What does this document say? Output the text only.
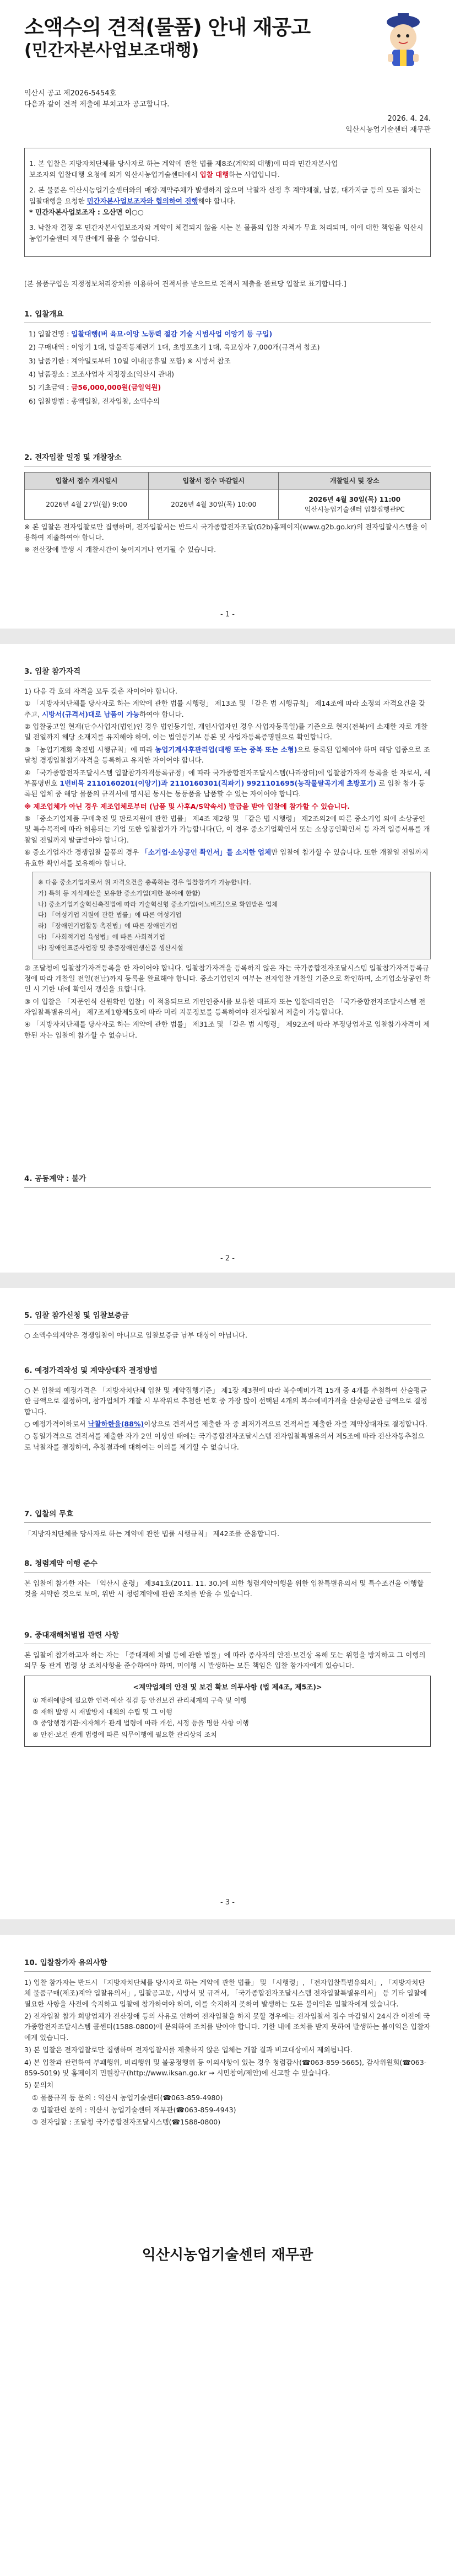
소액수의 견적(물품) 안내 재공고
(민간자본사업보조대행)
익산시 공고 제2026-5454호
다음과 같이 견적 제출에 부치고자 공고합니다.
2026. 4. 24.
익산시농업기술센터 재무관

1. 본 입찰은 지방자치단체를 당사자로 하는 계약에 관한 법률 제8조(계약의 대행)에 따라 민간자본사업
보조자의 입찰대행 요청에 의거 익산시농업기술센터에서 입찰 대행하는 사업입니다.

2. 본 물품은 익산시농업기술센터와의 매장·계약주체가 발생하지 않으며 낙찰자 선정 후 계약체결, 납품, 대가지급 등의 모든 절차는 입찰대행을 요청한 민간자본사업보조자와 협의하여 진행해야 합니다.
* 민간자본사업보조자 : 오산면 이○○

3. 낙찰자 결정 후 민간자본사업보조자와 계약이 체결되지 않을 시는 본 물품의 입찰 자체가 무효 처리되며, 이에 대한 책임을 익산시농업기술센터 재무관에게 물을 수 없습니다.

[본 물품구입은 지정정보처리장치를 이용하여 견적서를 받으므로 견적서 제출을 완료당 입찰로 표기합니다.]
1. 입찰개요
1) 입찰건명 : 입찰대행(버 육묘·이앙 노동력 절감 기술 시범사업 이앙기 등 구입)
2) 구매내역 : 이앙기 1대, 밥물작동제련기 1대, 초방포초기 1대, 육묘상자 7,000개(규격서 참조)
3) 납품기한 : 계약일로부터 10일 이내(공휴일 포함) ※ 시방서 참조
4) 납품장소 : 보조사업자 지정장소(익산시 관내)
5) 기초금액 : 금56,000,000원(금일억원)
6) 입찰방법 : 총액입찰, 전자입찰, 소액수의
2. 전자입찰 일정 및 개찰장소
입찰서 접수 개시일시	입찰서 접수 마감일시	개찰일시 및 장소
2026년 4월 27일(월) 9:00	2026년 4월 30일(목) 10:00	2026년 4월 30일(목) 11:00
익산시농업기술센터 입찰집행관PC

※ 본 입찰은 전자입찰로만 집행하며, 전자입찰서는 반드시 국가종합전자조달(G2b)홈페이지(www.g2b.go.kr)의 전자입찰시스템을 이용하여 제출하여야 합니다.

※ 전산장애 발생 시 개찰시간이 늦어지거나 연기될 수 있습니다.

- 1 -
3. 입찰 참가자격

1) 다음 각 호의 자격을 모두 갖춘 자이어야 합니다.

① 「지방자치단체를 당사자로 하는 계약에 관한 법률 시행령」 제13조 및 「같은 법 시행규칙」 제14조에 따라 소정의 자격요건을 갖추고, 시방서(규격서)대로 납품이 가능하여야 합니다.

② 입찰공고일 현재(단수사업자(법인)인 경우 법인등기일, 개인사업자인 경우 사업자등록일)를 기준으로 현지(전북)에 소재한 자로 개찰일 전일까지 해당 소재지를 유지해야 하며, 이는 법인등기부 등본 및 사업자등록증명원으로 확인합니다.

③ 「농업기계화 촉진법 시행규칙」에 따라 농업기계사후관리업(대행 또는 중복 또는 소형)으로 등록된 업체여야 하며 해당 업종으로 조달청 경쟁입찰참가자격을 등록하고 유지한 자이어야 합니다.

④ 「국가종합전자조달시스템 입찰참가자격등록규정」에 따라 국가종합전자조달시스템(나라장터)에 입찰참가자격 등록을 한 자로서, 세부품명번호 1번비목 2110160201(이앙기)과 2110160301(직파기) 9921101695(농작물탈곡기계 초방포기) 로 입찰 참가 등록된 업체 중 해당 물품의 규격서에 명시된 동시는 동등품을 납품할 수 있는 자이어야 합니다.

※ 제조업체가 아닌 경우 제조업체로부터 (납품 및 사후A/S약속서) 발급을 받아 입찰에 참가할 수 있습니다.

⑤ 「중소기업제품 구매촉진 및 판로지원에 관한 법률」 제4조 제2항 및 「같은 법 시행령」 제2조의2에 따른 중소기업 외에 소상공인 및 특수목적에 따라 허용되는 기업 또한 입찰참가가 가능합니다(단, 이 경우 중소기업확인서 또는 소상공인확인서 등 자격 입증서류를 개찰일 전일까지 발급받아야 합니다).

⑥ 중소기업자간 경쟁입찰 물품의 경우 「소기업·소상공인 확인서」를 소지한 업체만 입찰에 참가할 수 있습니다. 또한 개찰일 전일까지 유효한 확인서를 보유해야 합니다.

※ 다음 중소기업자로서 위 자격요건을 충족하는 경우 입찰참가가 가능합니다.

가) 특허 등 지식재산을 보유한 중소기업(제한 분야에 한함)

나) 중소기업기술혁신촉진법에 따라 기술혁신형 중소기업(이노비즈)으로 확인받은 업체

다) 「여성기업 지원에 관한 법률」에 따른 여성기업

라) 「장애인기업활동 촉진법」에 따른 장애인기업

마) 「사회적기업 육성법」에 따른 사회적기업

바) 장애인표준사업장 및 중증장애인생산품 생산시설

② 조달청에 입찰참가자격등록을 한 자이어야 합니다. 입찰참가자격을 등록하지 않은 자는 국가종합전자조달시스템 입찰참가자격등록규정에 따라 개찰일 전일(전날)까지 등록을 완료해야 합니다. 중소기업인지 여부는 전자입찰 개찰일 기준으로 확인하며, 소기업소상공인 확인 시 기한 내에 확인서 갱신을 요합니다.

③ 이 입찰은 「지문인식 신원확인 입찰」이 적용되므로 개인인증서를 보유한 대표자 또는 입찰대리인은 「국가종합전자조달시스템 전자입찰특별유의서」 제7조제1항제5호에 따라 미리 지문정보를 등록하여야 전자입찰서 제출이 가능합니다.

④ 「지방자치단체를 당사자로 하는 계약에 관한 법률」 제31조 및 「같은 법 시행령」 제92조에 따라 부정당업자로 입찰참가자격이 제한된 자는 입찰에 참가할 수 없습니다.

4. 공동계약 : 불가
- 2 -
5. 입찰 참가신청 및 입찰보증금

○ 소액수의계약은 경쟁입찰이 아니므로 입찰보증금 납부 대상이 아닙니다.

6. 예정가격작성 및 계약상대자 결정방법

○ 본 입찰의 예정가격은 「지방자치단체 입찰 및 계약집행기준」 제1장 제3절에 따라 복수예비가격 15개 중 4개를 추첨하여 산술평균한 금액으로 결정하며, 참가업체가 개찰 시 무작위로 추첨한 번호 중 가장 많이 선택된 4개의 복수예비가격을 산술평균한 금액으로 결정합니다.

○ 예정가격이하로서 낙찰하한율(88%)이상으로 견적서를 제출한 자 중 최저가격으로 견적서를 제출한 자를 계약상대자로 결정합니다.

○ 동일가격으로 견적서를 제출한 자가 2인 이상인 때에는 국가종합전자조달시스템 전자입찰특별유의서 제5조에 따라 전산자동추첨으로 낙찰자를 결정하며, 추첨결과에 대하여는 이의를 제기할 수 없습니다.

7. 입찰의 무효

「지방자치단체를 당사자로 하는 계약에 관한 법률 시행규칙」 제42조를 준용합니다.

8. 청렴계약 이행 준수

본 입찰에 참가한 자는 「익산시 훈령」 제341호(2011. 11. 30.)에 의한 청렴계약이행을 위한 입찰특별유의서 및 특수조건을 이행할 것을 서약한 것으로 보며, 위반 시 청렴계약에 관한 조치를 받을 수 있습니다.

9. 중대재해처벌법 관련 사항

본 입찰에 참가하고자 하는 자는 「중대재해 처벌 등에 관한 법률」에 따라 종사자의 안전·보건상 유해 또는 위험을 방지하고 그 이행의 의무 등 관계 법령 상 조치사항을 준수하여야 하며, 미이행 시 발생하는 모든 책임은 입찰 참가자에게 있습니다.

<계약업체의 안전 및 보건 확보 의무사항 (법 제4조, 제5조)>

① 재해예방에 필요한 인력·예산 점검 등 안전보건 관리체계의 구축 및 이행

② 재해 발생 시 재발방지 대책의 수립 및 그 이행

③ 중앙행정기관·지자체가 관계 법령에 따라 개선, 시정 등을 명한 사항 이행

④ 안전·보건 관계 법령에 따른 의무이행에 필요한 관리상의 조치

- 3 -
10. 입찰참가자 유의사항

1) 입찰 참가자는 반드시 「지방자치단체를 당사자로 하는 계약에 관한 법률」 및 「시행령」, 「전자입찰특별유의서」, 「지방자치단체 물품구매(제조)계약 입찰유의서」, 입찰공고문, 시방서 및 규격서, 「국가종합전자조달시스템 전자입찰특별유의서」 등 기타 입찰에 필요한 사항을 사전에 숙지하고 입찰에 참가하여야 하며, 이를 숙지하지 못하여 발생하는 모든 불이익은 입찰자에게 있습니다.

2) 전자입찰 참가 희망업체가 전산장애 등의 사유로 인하여 전자입찰을 하지 못할 경우에는 전자입찰서 접수 마감일시 24시간 이전에 국가종합전자조달시스템 콜센터(1588-0800)에 문의하여 조치를 받아야 합니다. 기한 내에 조치를 받지 못하여 발생하는 불이익은 입찰자에게 있습니다.

3) 본 입찰은 전자입찰로만 집행하며 전자입찰서를 제출하지 않은 업체는 개찰 결과 비교대상에서 제외됩니다.

4) 본 입찰과 관련하여 부패행위, 비리행위 및 불공정행위 등 이의사항이 있는 경우 청렴감사(☎063-859-5665), 감사위원회(☎063-859-5019) 및 홈페이지 민원창구(http://www.iksan.go.kr → 시민참여/제안)에 신고할 수 있습니다.

5) 문의처

① 물품규격 등 문의 : 익산시 농업기술센터(☎063-859-4980)

② 입찰관련 문의 : 익산시 농업기술센터 재무관(☎063-859-4943)

③ 전자입찰 : 조달청 국가종합전자조달시스템(☎1588-0800)

익산시농업기술센터 재무관
